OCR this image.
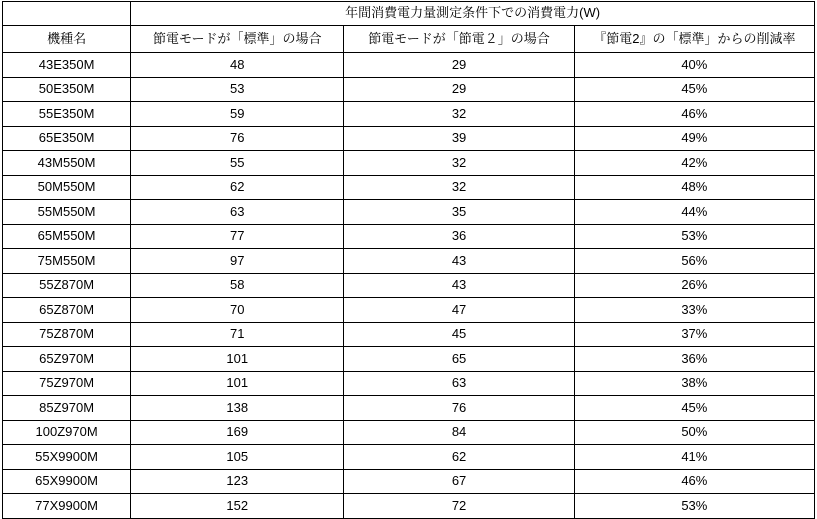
	年間消費電力量測定条件下での消費電力(W)		
機種名	節電モードが「標準」の場合	節電モードが「節電２」の場合	『節電2』の「標準」からの削減率
43E350M	48	29	40%
50E350M	53	29	45%
55E350M	59	32	46%
65E350M	76	39	49%
43M550M	55	32	42%
50M550M	62	32	48%
55M550M	63	35	44%
65M550M	77	36	53%
75M550M	97	43	56%
55Z870M	58	43	26%
65Z870M	70	47	33%
75Z870M	71	45	37%
65Z970M	101	65	36%
75Z970M	101	63	38%
85Z970M	138	76	45%
100Z970M	169	84	50%
55X9900M	105	62	41%
65X9900M	123	67	46%
77X9900M	152	72	53%
